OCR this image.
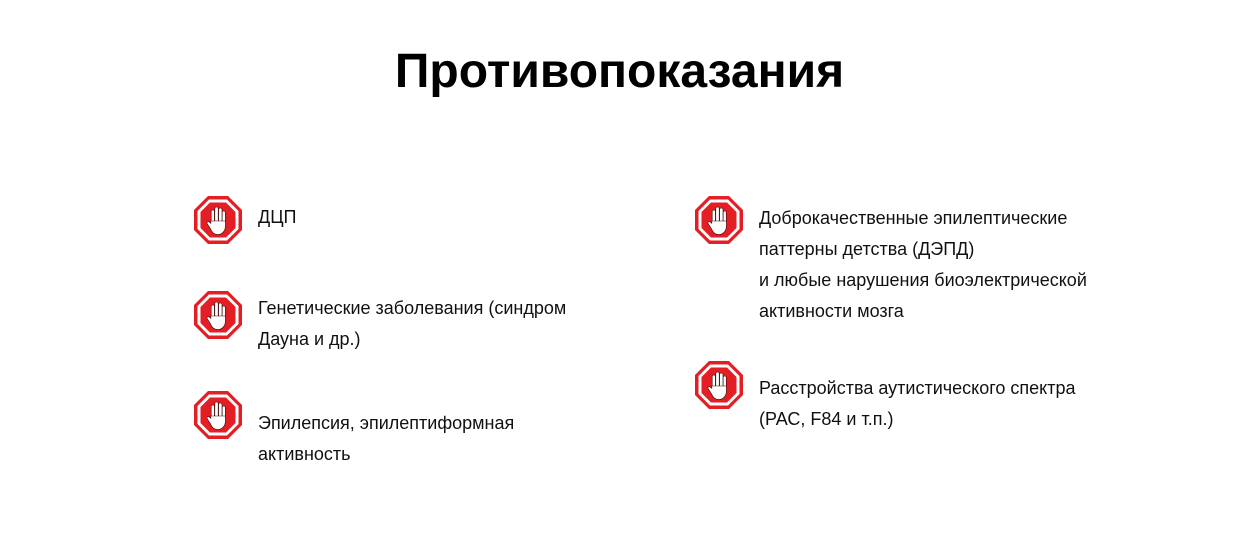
Противопоказания
ДЦП
Генетические заболевания (синдром
Дауна и др.)
Эпилепсия, эпилептиформная
активность
Доброкачественные эпилептические
паттерны детства (ДЭПД)
и любые нарушения биоэлектрической
активности мозга
Расстройства аутистического спектра
(РАС, F84 и т.п.)
